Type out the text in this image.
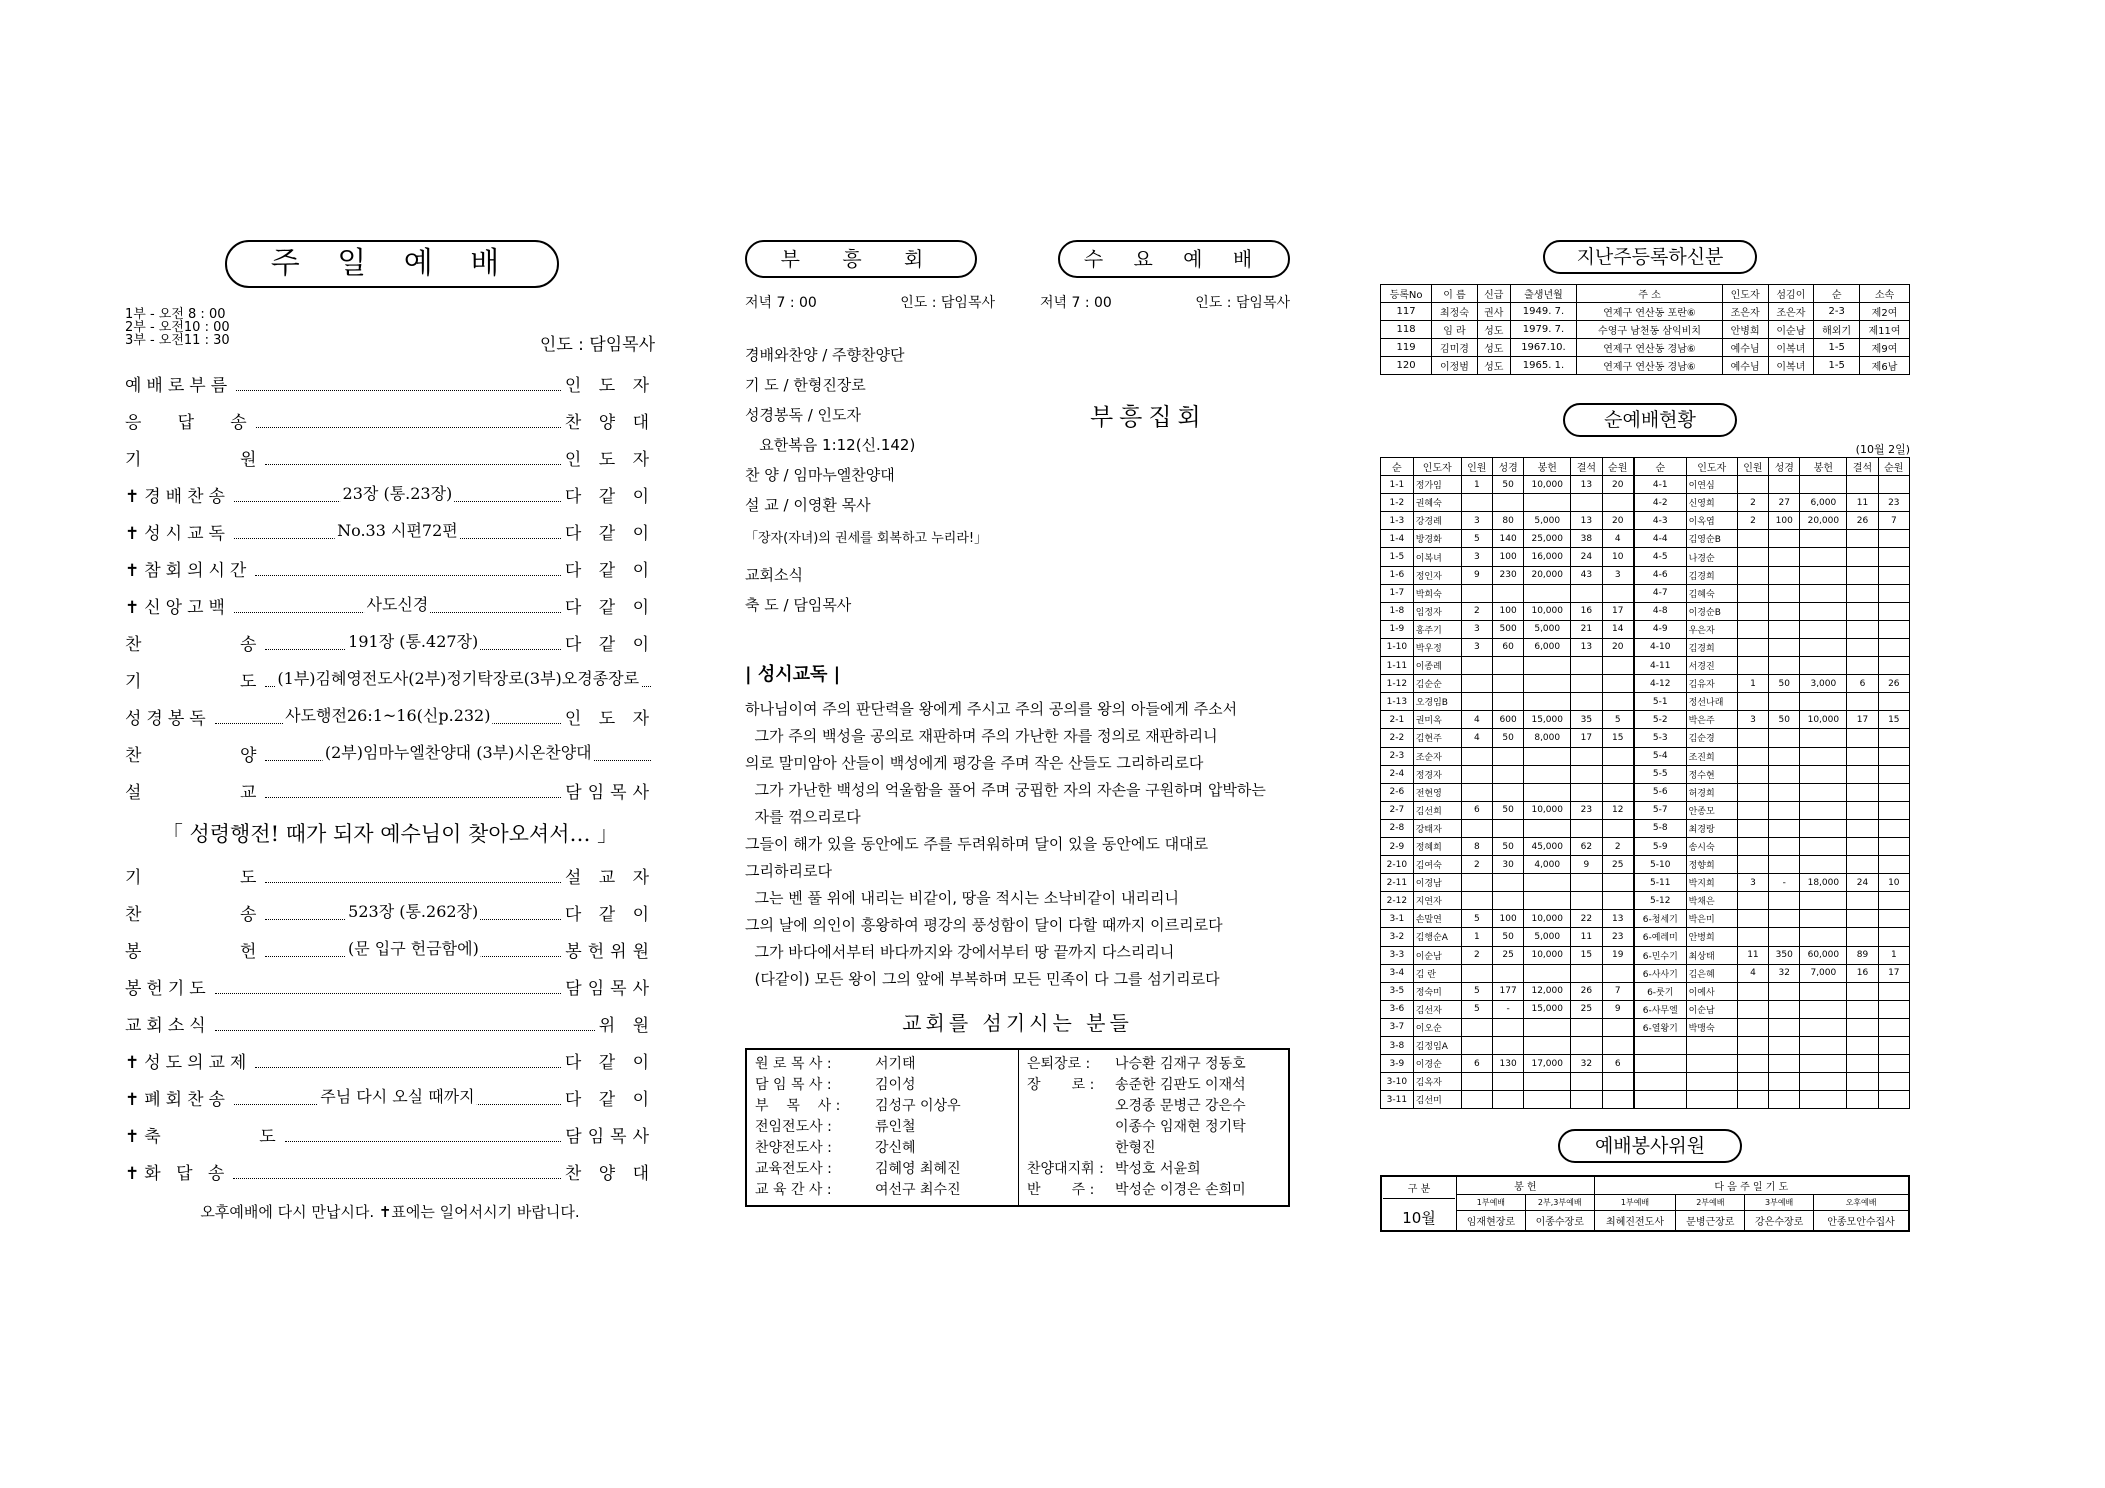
주 일 예 배
1부 - 오전 8 : 00
2부 - 오전10 : 00
3부 - 오전11 : 30	인도 : 담임목사
예배로부름	인 도 자
응   답   송	찬 양 대
기         원	인 도 자
✝경배찬송	23장 (통.23장)	다 같 이
✝성시교독	No.33 시편72편	다 같 이
✝참회의시간	다 같 이
✝신앙고백	사도신경	다 같 이
찬         송	191장 (통.427장)	다 같 이
기         도 (1부)김혜영전도사(2부)정기탁장로(3부)오경종장로
성경봉독	사도행전26:1~16(신p.232)	인 도 자
찬         양	(2부)임마누엘찬양대 (3부)시온찬양대
설         교	담임목사
「 성령행전! 때가 되자 예수님이 찾아오셔서… 」
기         도	설 교 자
찬         송	523장 (통.262장)	다 같 이
봉         헌	(문 입구 헌금함에)	봉헌위원
봉헌기도	담임목사
교회소식	위 원
✝성도의교제	다 같 이
✝폐회찬송	주님 다시 오실 때까지	다 같 이
✝축         도	담임목사
✝화 답 송	찬 양 대
오후예배에 다시 만납시다. ✝표에는 일어서시기 바랍니다.
부 흥 회	수 요 예 배
저녁 7 : 00	인도 : 담임목사	저녁 7 : 00	인도 : 담임목사
부흥집회
경배와찬양 / 주향찬양단
기 도 / 한형진장로
성경봉독 / 인도자
요한복음 1:12(신.142)
찬 양 / 임마누엘찬양대
설 교 / 이영환 목사
「장자(자녀)의 권세를 회복하고 누리라!」
교회소식
축 도 / 담임목사
| 성시교독 |
하나님이여 주의 판단력을 왕에게 주시고 주의 공의를 왕의 아들에게 주소서
그가 주의 백성을 공의로 재판하며 주의 가난한 자를 정의로 재판하리니
의로 말미암아 산들이 백성에게 평강을 주며 작은 산들도 그리하리로다
그가 가난한 백성의 억울함을 풀어 주며 궁핍한 자의 자손을 구원하며 압박하는
자를 꺾으리로다
그들이 해가 있을 동안에도 주를 두려워하며 달이 있을 동안에도 대대로
그리하리로다
그는 벤 풀 위에 내리는 비같이, 땅을 적시는 소낙비같이 내리리니
그의 날에 의인이 흥왕하여 평강의 풍성함이 달이 다할 때까지 이르리로다
그가 바다에서부터 바다까지와 강에서부터 땅 끝까지 다스리리니
(다같이) 모든 왕이 그의 앞에 부복하며 모든 민족이 다 그를 섬기리로다
교회를 섬기시는 분들
원 로 목 사 :	서기태
담 임 목 사 :	김이성
부    목    사 :	김성구 이상우
전임전도사 :	류인철
찬양전도사 :	강신혜
교육전도사 :	김혜영 최혜진
교 육 간 사 :	여선구 최수진
은퇴장로 :	나승환 김재구 정동호
장       로 :	송준한 김판도 이재석
오경종 문병근 강은수
이종수 임재현 정기탁
한형진
찬양대지휘 : 박성호 서윤희
반       주 :	박성순 이경은 손희미
지난주등록하신분
등록No	이 름	신급	출생년월	주 소	인도자	섬김이	순	소속
117	최정숙	권사	1949. 7.	연제구 연산동 포란⑥	조은자	조은자	2-3	제2여
118	임 라	성도	1979. 7.	수영구 남천동 삼익비치	안병희	이순남	해외기	제11여
119	김미경	성도	1967.10.	연제구 연산동 경남⑥	예수님	이복녀	1-5	제9여
120	이정범	성도	1965. 1.	연제구 연산동 경남⑥	예수님	이복녀	1-5	제6남
순예배현황
(10월 2일)
순	인도자	인원	성경	봉헌	결석	순원	순	인도자	인원	성경	봉헌	결석	순원
1-1	정가임	1	50	10,000	13	20	4-1	이연심					
1-2	권혜숙						4-2	신영희	2	27	6,000	11	23
1-3	강경례	3	80	5,000	13	20	4-3	이옥엽	2	100	20,000	26	7
1-4	방경화	5	140	25,000	38	4	4-4	김영순B					
1-5	이복녀	3	100	16,000	24	10	4-5	나경순					
1-6	정인자	9	230	20,000	43	3	4-6	김경희					
1-7	박희숙						4-7	김혜숙					
1-8	임정자	2	100	10,000	16	17	4-8	이경순B					
1-9	홍주기	3	500	5,000	21	14	4-9	우은자					
1-10	박우정	3	60	6,000	13	20	4-10	김경희					
1-11	이종례						4-11	서경진					
1-12	김순순						4-12	김유자	1	50	3,000	6	26
1-13	오경임B						5-1	정선나래					
2-1	권미옥	4	600	15,000	35	5	5-2	박은주	3	50	10,000	17	15
2-2	김현주	4	50	8,000	17	15	5-3	김순경					
2-3	조순자						5-4	조진희					
2-4	정경자						5-5	정수현					
2-6	전현영						5-6	허경희					
2-7	김선희	6	50	10,000	23	12	5-7	안종모					
2-8	강태자						5-8	최경랑					
2-9	정혜희	8	50	45,000	62	2	5-9	송시숙					
2-10	김여숙	2	30	4,000	9	25	5-10	정향희					
2-11	이경남						5-11	박지희	3	-	18,000	24	10
2-12	지연자						5-12	박채은					
3-1	손말연	5	100	10,000	22	13	6-청세기	박은미					
3-2	김행순A	1	50	5,000	11	23	6-예레미	안병희					
3-3	이순남	2	25	10,000	15	19	6-민수기	최상태	11	350	60,000	89	1
3-4	김 란						6-사사기	김은혜	4	32	7,000	16	17
3-5	정숙미	5	177	12,000	26	7	6-룻기	이예사					
3-6	김선자	5	-	15,000	25	9	6-사무엘	이순남					
3-7	이오순						6-열왕기	박맹숙					
3-8	김정임A												
3-9	이경순	6	130	17,000	32	6							
3-10	김옥자												
3-11	김선미												
예배봉사위원
구 분
10월	봉 헌		다 음 주 일 기 도			
	1부예배	2부,3부예배	1부예배	2부예배	3부예배	오후예배
	임재현장로	이종수장로	최혜진전도사	문병근장로	강은수장로	안종모안수집사
